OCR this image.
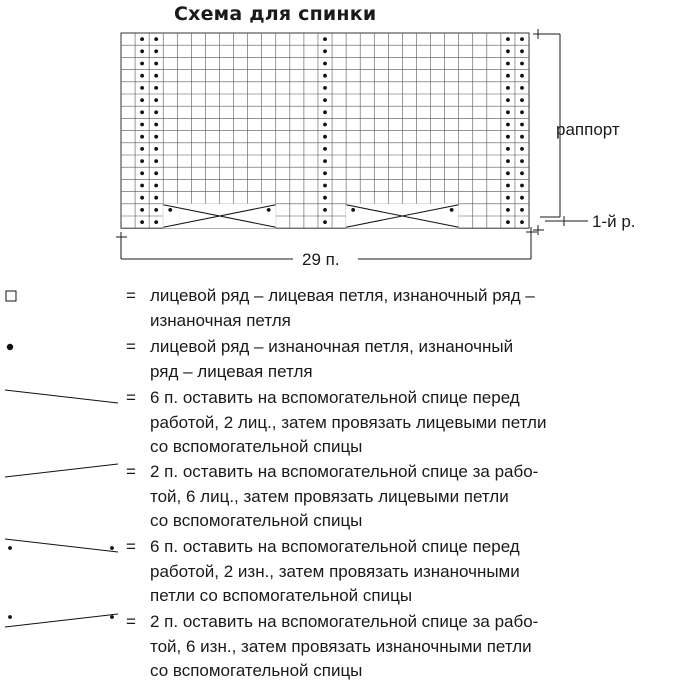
Схема для спинки
раппорт
1-й р.
29 п.
= лицевой ряд – лицевая петля, изнаночный ряд –
изнаночная петля
= лицевой ряд – изнаночная петля, изнаночный
ряд – лицевая петля
= 6 п. оставить на вспомогательной спице перед
работой, 2 лиц., затем провязать лицевыми петли
со вспомогательной спицы
= 2 п. оставить на вспомогательной спице за рабо-
той, 6 лиц., затем провязать лицевыми петли
со вспомогательной спицы
= 6 п. оставить на вспомогательной спице перед
работой, 2 изн., затем провязать изнаночными
петли со вспомогательной спицы
= 2 п. оставить на вспомогательной спице за рабо-
той, 6 изн., затем провязать изнаночными петли
со вспомогательной спицы
